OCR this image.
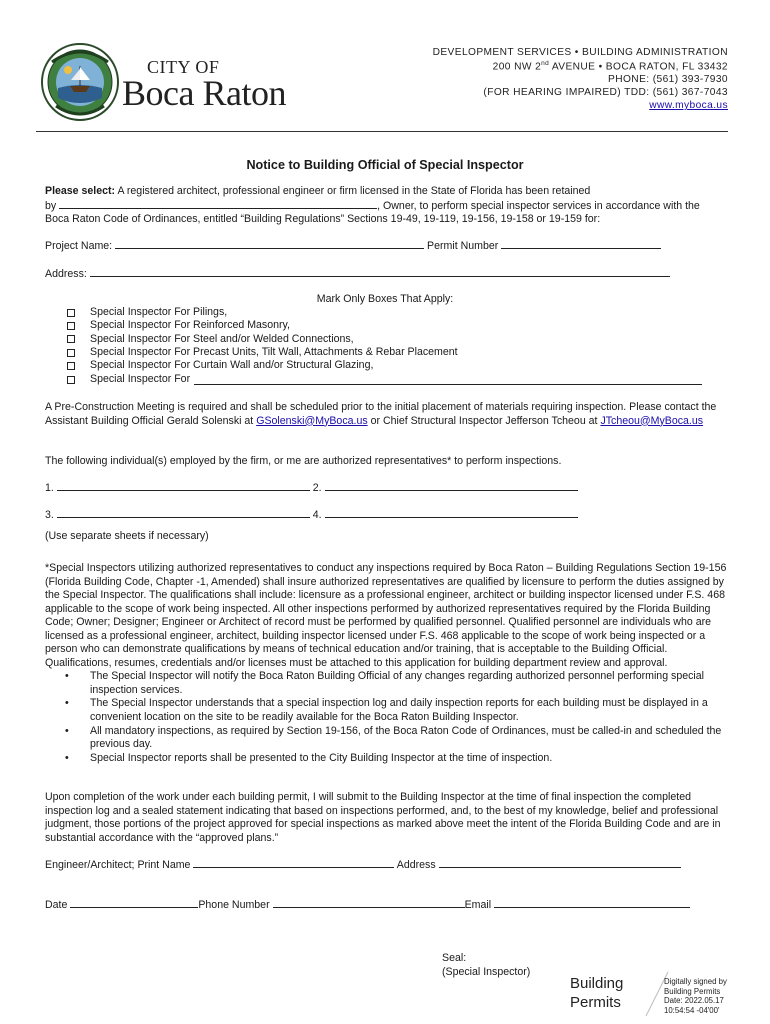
CITY OF
Boca Raton
DEVELOPMENT SERVICES • BUILDING ADMINISTRATION
200 NW 2nd AVENUE • BOCA RATON, FL 33432
PHONE: (561) 393-7930
(FOR HEARING IMPAIRED) TDD: (561) 367-7043
www.myboca.us
Notice to Building Official of Special Inspector
Please select: A registered architect, professional engineer or firm licensed in the State of Florida has been retained
by	, Owner, to perform special inspector services in accordance with the
Boca Raton Code of Ordinances, entitled “Building Regulations” Sections 19-49, 19-119, 19-156, 19-158 or 19-159 for:
Project Name:	Permit Number
Address:
Mark Only Boxes That Apply:
Special Inspector For Pilings,
Special Inspector For Reinforced Masonry,
Special Inspector For Steel and/or Welded Connections,
Special Inspector For Precast Units, Tilt Wall, Attachments & Rebar Placement
Special Inspector For Curtain Wall and/or Structural Glazing,
Special Inspector For
A Pre-Construction Meeting is required and shall be scheduled prior to the initial placement of materials requiring inspection. Please contact the Assistant Building Official Gerald Solenski at GSolenski@MyBoca.us or Chief Structural Inspector Jefferson Tcheou at JTcheou@MyBoca.us
The following individual(s) employed by the firm, or me are authorized representatives* to perform inspections.
1.	2.
3.	4.
(Use separate sheets if necessary)
*Special Inspectors utilizing authorized representatives to conduct any inspections required by Boca Raton – Building Regulations Section 19-156 (Florida Building Code, Chapter -1, Amended) shall insure authorized representatives are qualified by licensure to perform the duties assigned by the Special Inspector. The qualifications shall include: licensure as a professional engineer, architect or building inspector licensed under F.S. 468 applicable to the scope of work being inspected. All other inspections performed by authorized representatives required by the Florida Building Code; Owner; Designer; Engineer or Architect of record must be performed by qualified personnel. Qualified personnel are individuals who are licensed as a professional engineer, architect, building inspector licensed under F.S. 468 applicable to the scope of work being inspected or a person who can demonstrate qualifications by means of technical education and/or training, that is acceptable to the Building Official. Qualifications, resumes, credentials and/or licenses must be attached to this application for building department review and approval.
• The Special Inspector will notify the Boca Raton Building Official of any changes regarding authorized personnel performing special inspection services.
• The Special Inspector understands that a special inspection log and daily inspection reports for each building must be displayed in a convenient location on the site to be readily available for the Boca Raton Building Inspector.
• All mandatory inspections, as required by Section 19-156, of the Boca Raton Code of Ordinances, must be called-in and scheduled the previous day.
• Special Inspector reports shall be presented to the City Building Inspector at the time of inspection.
Upon completion of the work under each building permit, I will submit to the Building Inspector at the time of final inspection the completed inspection log and a sealed statement indicating that based on inspections performed, and, to the best of my knowledge, belief and professional judgment, those portions of the project approved for special inspections as marked above meet the intent of the Florida Building Code and are in substantial accordance with the “approved plans.”
Engineer/Architect; Print Name	Address
Date	Phone Number	Email
Seal:
(Special Inspector)
Building
Permits
Digitally signed by
Building Permits
Date: 2022.05.17
10:54:54 -04'00'
